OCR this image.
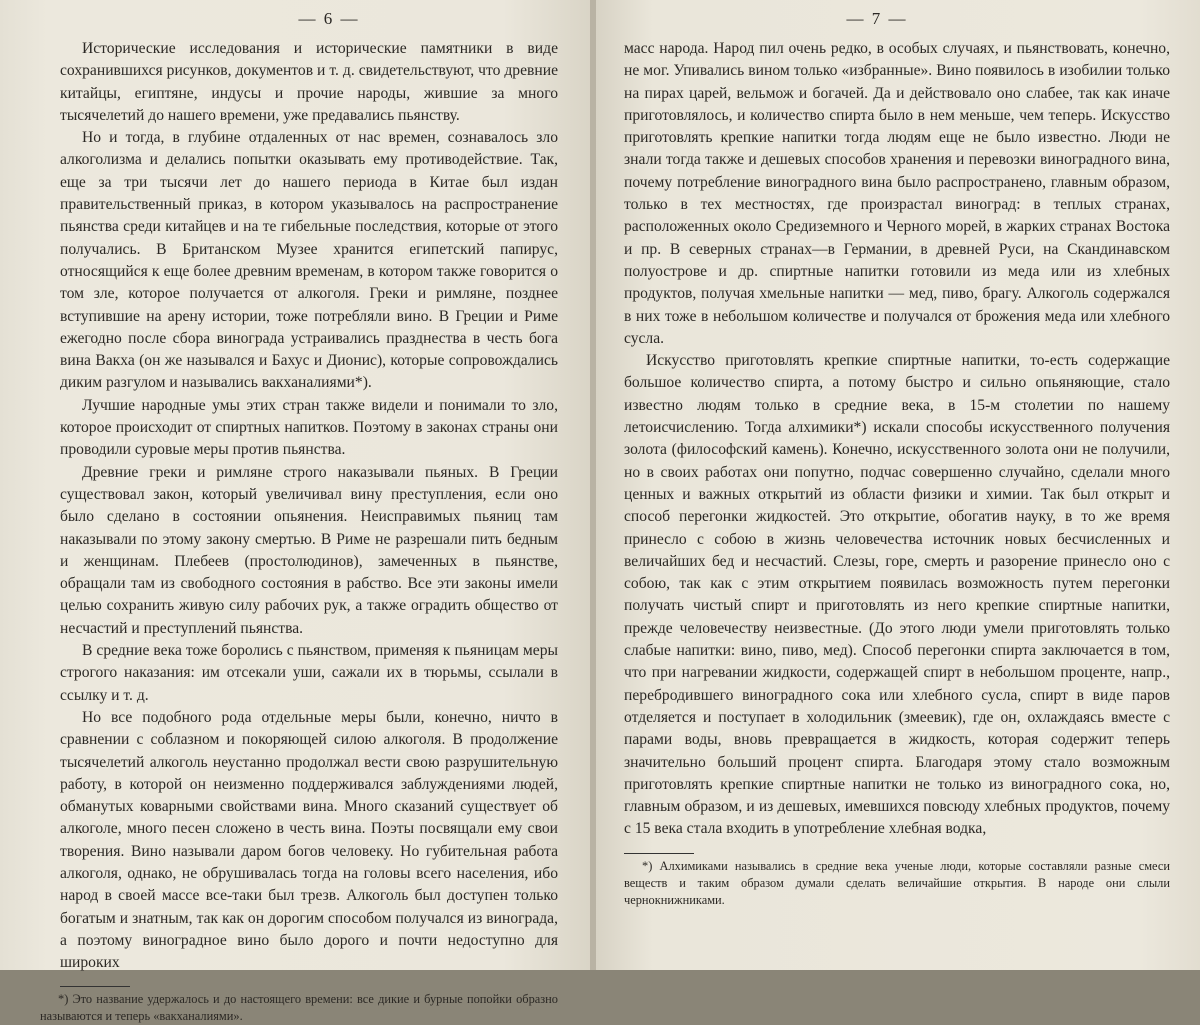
— 6 —

Исторические исследования и исторические памятники в виде сохранившихся рисунков, документов и т. д. свидетельствуют, что древние китайцы, египтяне, индусы и прочие народы, жившие за много тысячелетий до нашего времени, уже предавались пьянству.

Но и тогда, в глубине отдаленных от нас времен, сознавалось зло алкоголизма и делались попытки оказывать ему противодействие. Так, еще за три тысячи лет до нашего периода в Китае был издан правительственный приказ, в котором указывалось на распространение пьянства среди китайцев и на те гибельные последствия, которые от этого получались. В Британском Музее хранится египетский папирус, относящийся к еще более древним временам, в котором также говорится о том зле, которое получается от алкоголя. Греки и римляне, позднее вступившие на арену истории, тоже потребляли вино. В Греции и Риме ежегодно после сбора винограда устраивались празднества в честь бога вина Вакха (он же назывался и Бахус и Дионис), которые сопровождались диким разгулом и назывались вакханалиями*).

Лучшие народные умы этих стран также видели и понимали то зло, которое происходит от спиртных напитков. Поэтому в законах страны они проводили суровые меры против пьянства.

Древние греки и римляне строго наказывали пьяных. В Греции существовал закон, который увеличивал вину преступления, если оно было сделано в состоянии опьянения. Неисправимых пьяниц там наказывали по этому закону смертью. В Риме не разрешали пить бедным и женщинам. Плебеев (простолюдинов), замеченных в пьянстве, обращали там из свободного состояния в рабство. Все эти законы имели целью сохранить живую силу рабочих рук, а также оградить общество от несчастий и преступлений пьянства.

В средние века тоже боролись с пьянством, применяя к пьяницам меры строгого наказания: им отсекали уши, сажали их в тюрьмы, ссылали в ссылку и т. д.

Но все подобного рода отдельные меры были, конечно, ничто в сравнении с соблазном и покоряющей силою алкоголя. В продолжение тысячелетий алкоголь неустанно продолжал вести свою разрушительную работу, в которой он неизменно поддерживался заблуждениями людей, обманутых коварными свойствами вина. Много сказаний существует об алкоголе, много песен сложено в честь вина. Поэты посвящали ему свои творения. Вино называли даром богов человеку. Но губительная работа алкоголя, однако, не обрушивалась тогда на головы всего населения, ибо народ в своей массе все-таки был трезв. Алкоголь был доступен только богатым и знатным, так как он дорогим способом получался из винограда, а поэтому виноградное вино было дорого и почти недоступно для широких

*) Это название удержалось и до настоящего времени: все дикие и бурные попойки образно называются и теперь «вакханалиями».
— 7 —

масс народа. Народ пил очень редко, в особых случаях, и пьянствовать, конечно, не мог. Упивались вином только «избранные». Вино появилось в изобилии только на пирах царей, вельмож и богачей. Да и действовало оно слабее, так как иначе приготовлялось, и количество спирта было в нем меньше, чем теперь. Искусство приготовлять крепкие напитки тогда людям еще не было известно. Люди не знали тогда также и дешевых способов хранения и перевозки виноградного вина, почему потребление виноградного вина было распространено, главным образом, только в тех местностях, где произрастал виноград: в теплых странах, расположенных около Средиземного и Черного морей, в жарких странах Востока и пр. В северных странах—в Германии, в древней Руси, на Скандинавском полуострове и др. спиртные напитки готовили из меда или из хлебных продуктов, получая хмельные напитки — мед, пиво, брагу. Алкоголь содержался в них тоже в небольшом количестве и получался от брожения меда или хлебного сусла.

Искусство приготовлять крепкие спиртные напитки, то-есть содержащие большое количество спирта, а потому быстро и сильно опьяняющие, стало известно людям только в средние века, в 15-м столетии по нашему летоисчислению. Тогда алхимики*) искали способы искусственного получения золота (философский камень). Конечно, искусственного золота они не получили, но в своих работах они попутно, подчас совершенно случайно, сделали много ценных и важных открытий из области физики и химии. Так был открыт и способ перегонки жидкостей. Это открытие, обогатив науку, в то же время принесло с собою в жизнь человечества источник новых бесчисленных и величайших бед и несчастий. Слезы, горе, смерть и разорение принесло оно с собою, так как с этим открытием появилась возможность путем перегонки получать чистый спирт и приготовлять из него крепкие спиртные напитки, прежде человечеству неизвестные. (До этого люди умели приготовлять только слабые напитки: вино, пиво, мед). Способ перегонки спирта заключается в том, что при нагревании жидкости, содержащей спирт в небольшом проценте, напр., перебродившего виноградного сока или хлебного сусла, спирт в виде паров отделяется и поступает в холодильник (змеевик), где он, охлаждаясь вместе с парами воды, вновь превращается в жидкость, которая содержит теперь значительно больший процент спирта. Благодаря этому стало возможным приготовлять крепкие спиртные напитки не только из виноградного сока, но, главным образом, и из дешевых, имевшихся повсюду хлебных продуктов, почему с 15 века стала входить в употребление хлебная водка,

*) Алхимиками назывались в средние века ученые люди, которые составляли разные смеси веществ и таким образом думали сделать величайшие открытия. В народе они слыли чернокнижниками.
